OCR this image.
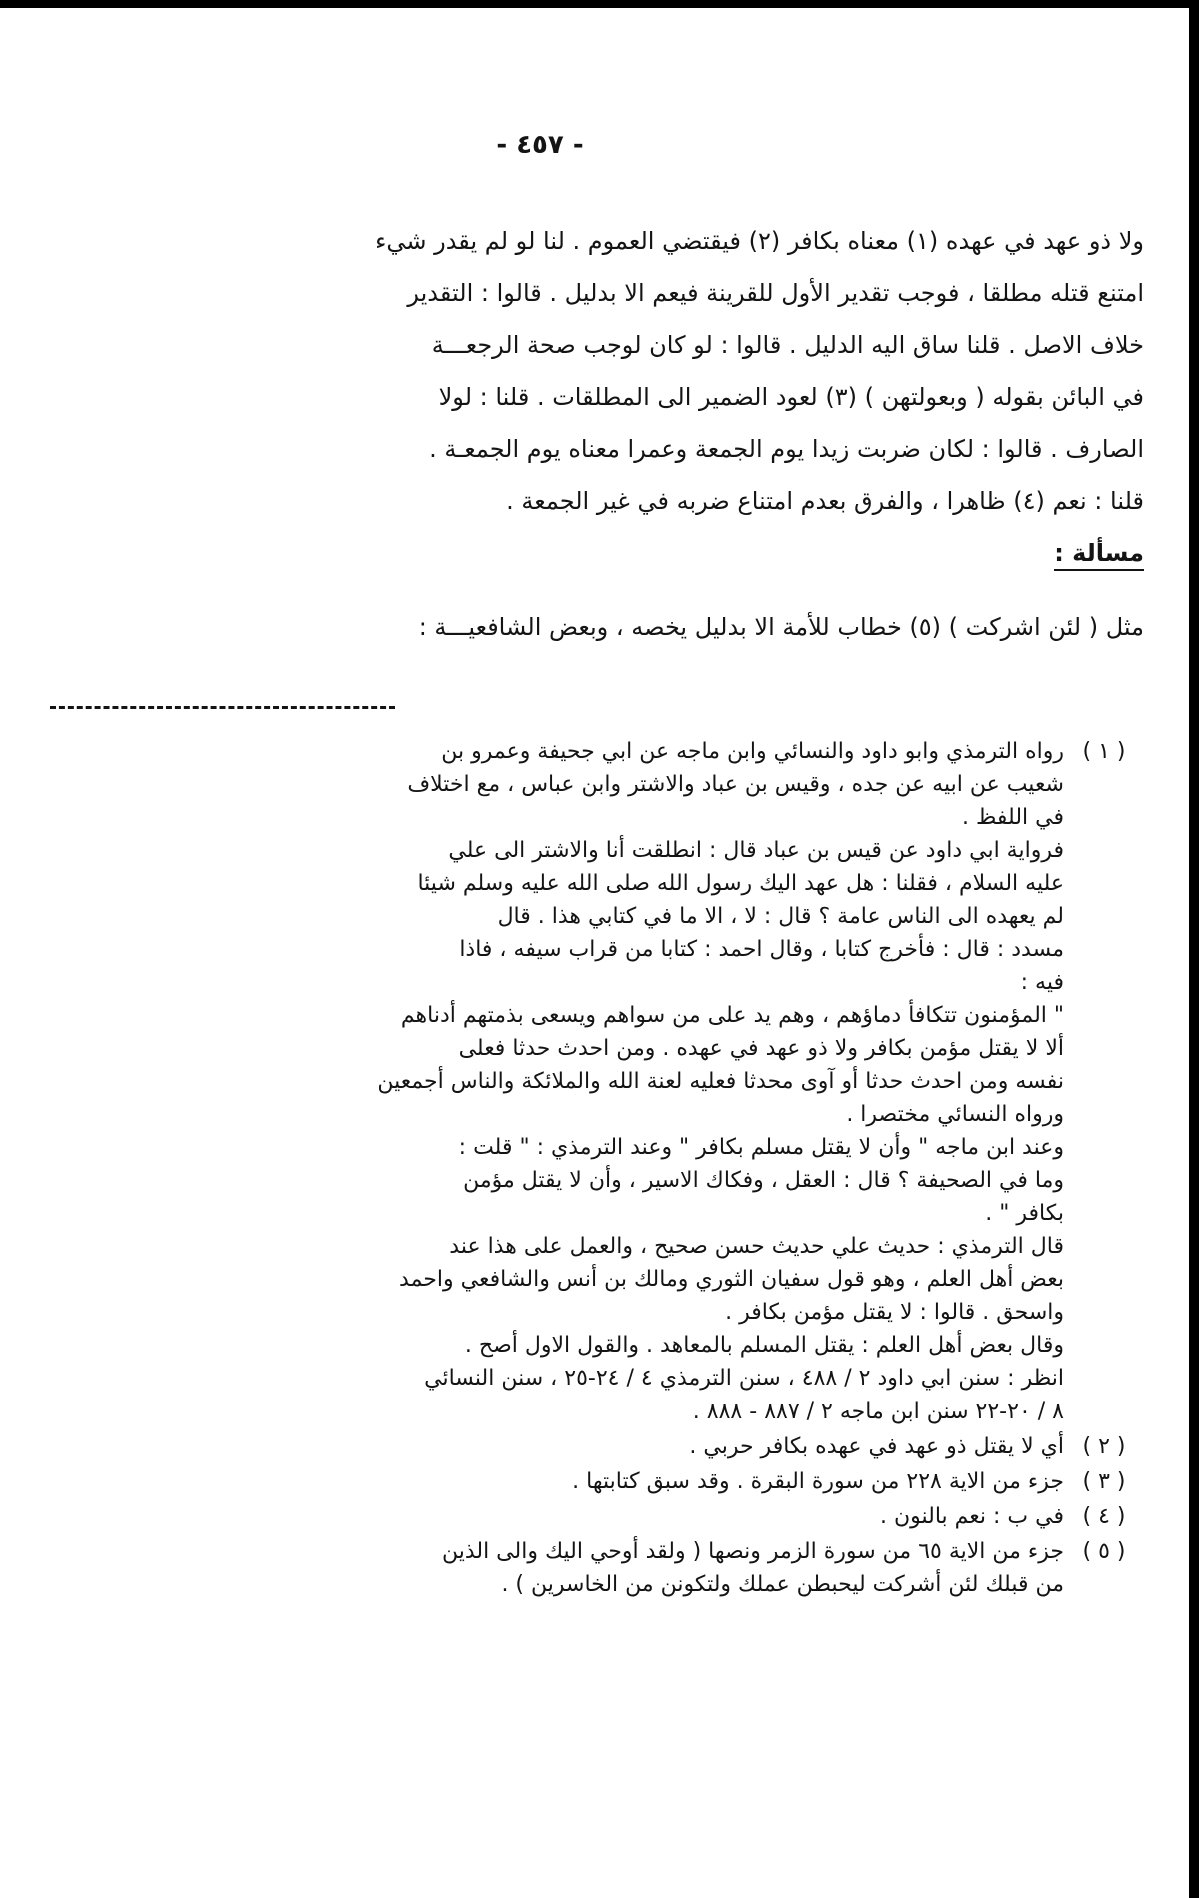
- ٤٥٧ -
ولا ذو عهد في عهده (١) معناه بكافر (٢) فيقتضي العموم . لنا لو لم يقدر شيء
امتنع قتله مطلقا ، فوجب تقدير الأول للقرينة فيعم الا بدليل . قالوا : التقدير
خلاف الاصل . قلنا ساق اليه الدليل . قالوا : لو كان لوجب صحة الرجعـــة
في البائن بقوله ( وبعولتهن ) (٣) لعود الضمير الى المطلقات . قلنا : لولا
الصارف . قالوا : لكان ضربت زيدا يوم الجمعة وعمرا معناه يوم الجمعـة .
قلنا : نعم (٤) ظاهرا ، والفرق بعدم امتناع ضربه في غير الجمعة .
مسألة :
مثل ( لئن اشركت ) (٥) خطاب للأمة الا بدليل يخصه ، وبعض الشافعيـــة :
( ١ )
رواه الترمذي وابو داود والنسائي وابن ماجه عن ابي جحيفة وعمرو بن
شعيب عن ابيه عن جده ، وقيس بن عباد والاشتر وابن عباس ، مع اختلاف
في اللفظ .
فرواية ابي داود عن قيس بن عباد قال : انطلقت أنا والاشتر الى علي
عليه السلام ، فقلنا : هل عهد اليك رسول الله صلى الله عليه وسلم شيئا
لم يعهده الى الناس عامة ؟ قال : لا ، الا ما في كتابي هذا . قال
مسدد : قال : فأخرج كتابا ، وقال احمد : كتابا من قراب سيفه ، فاذا
فيه :
" المؤمنون تتكافأ دماؤهم ، وهم يد على من سواهم ويسعى بذمتهم أدناهم
ألا لا يقتل مؤمن بكافر ولا ذو عهد في عهده . ومن احدث حدثا فعلى
نفسه ومن احدث حدثا أو آوى محدثا فعليه لعنة الله والملائكة والناس أجمعين
ورواه النسائي مختصرا .
وعند ابن ماجه " وأن لا يقتل مسلم بكافر " وعند الترمذي : " قلت :
وما في الصحيفة ؟ قال : العقل ، وفكاك الاسير ، وأن لا يقتل مؤمن
بكافر " .
قال الترمذي : حديث علي حديث حسن صحيح ، والعمل على هذا عند
بعض أهل العلم ، وهو قول سفيان الثوري ومالك بن أنس والشافعي واحمد
واسحق . قالوا : لا يقتل مؤمن بكافر .
وقال بعض أهل العلم : يقتل المسلم بالمعاهد . والقول الاول أصح .
انظر : سنن ابي داود ٢ / ٤٨٨ ، سنن الترمذي ٤ / ٢٤-٢٥ ، سنن النسائي
٨ / ٢٠-٢٢ سنن ابن ماجه ٢ / ٨٨٧ - ٨٨٨ .
( ٢ )
أي لا يقتل ذو عهد في عهده بكافر حربي .
( ٣ )
جزء من الاية ٢٢٨ من سورة البقرة . وقد سبق كتابتها .
( ٤ )
في ب : نعم بالنون .
( ٥ )
جزء من الاية ٦٥ من سورة الزمر ونصها ( ولقد أوحي اليك والى الذين
من قبلك لئن أشركت ليحبطن عملك ولتكونن من الخاسرين ) .
